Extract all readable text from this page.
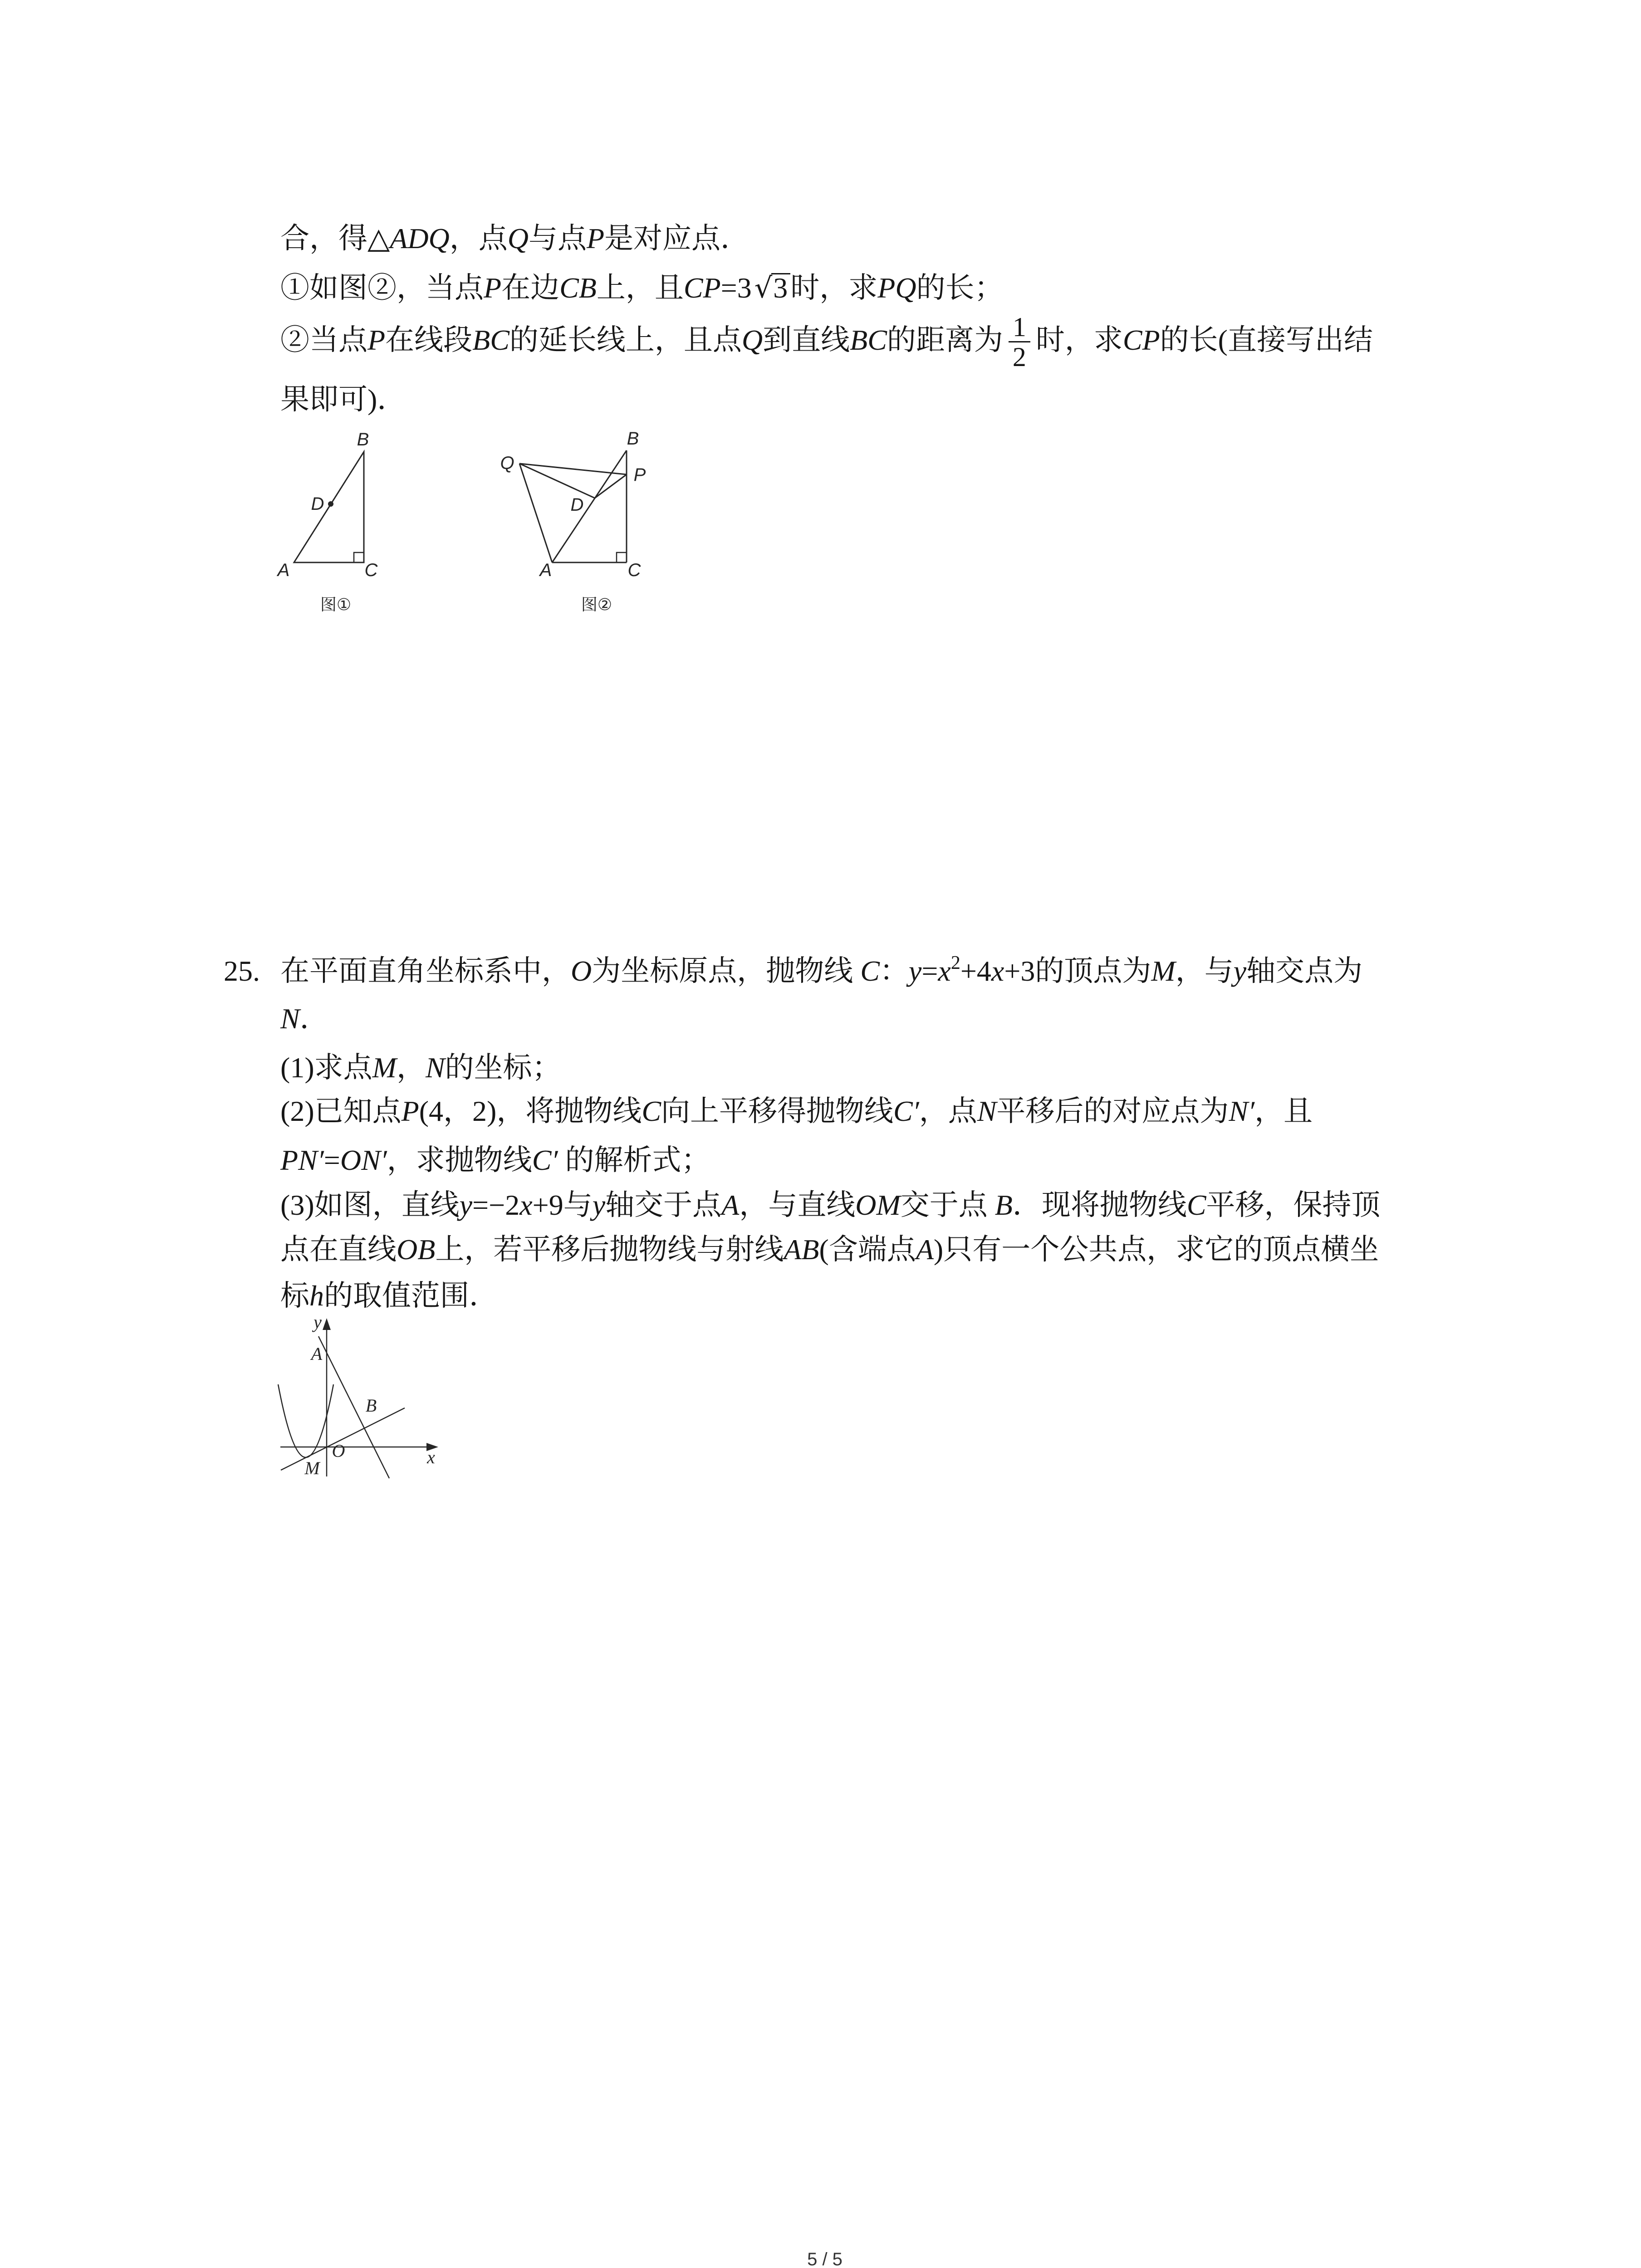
合，得△ADQ，点Q与点P是对应点．
①如图②，当点P在边CB上，且CP=3√3时，求PQ的长；
②当点P在线段BC的延长线上，且点Q到直线BC的距离为 $\frac{1}{2}$ 时，求CP的长(直接写出结
果即可)．
B
D
A	C
图①
Q
B
P
D
A	C
图②
25. 在平面直角坐标系中，O为坐标原点，抛物线 C：$y=x^2+4x+3$的顶点为M，与y轴交点为
N．
(1)求点M，N的坐标；
(2)已知点P(4，2)，将抛物线C向上平移得抛物线C′，点N平移后的对应点为N′，且
PN′=ON′，求抛物线C′ 的解析式；
(3)如图，直线y=−2x+9与y轴交于点A，与直线OM交于点 B．现将抛物线C平移，保持顶
点在直线OB上，若平移后抛物线与射线AB(含端点A)只有一个公共点，求它的顶点横坐
标h的取值范围．
y
A
B
O
M
x
5 / 5
